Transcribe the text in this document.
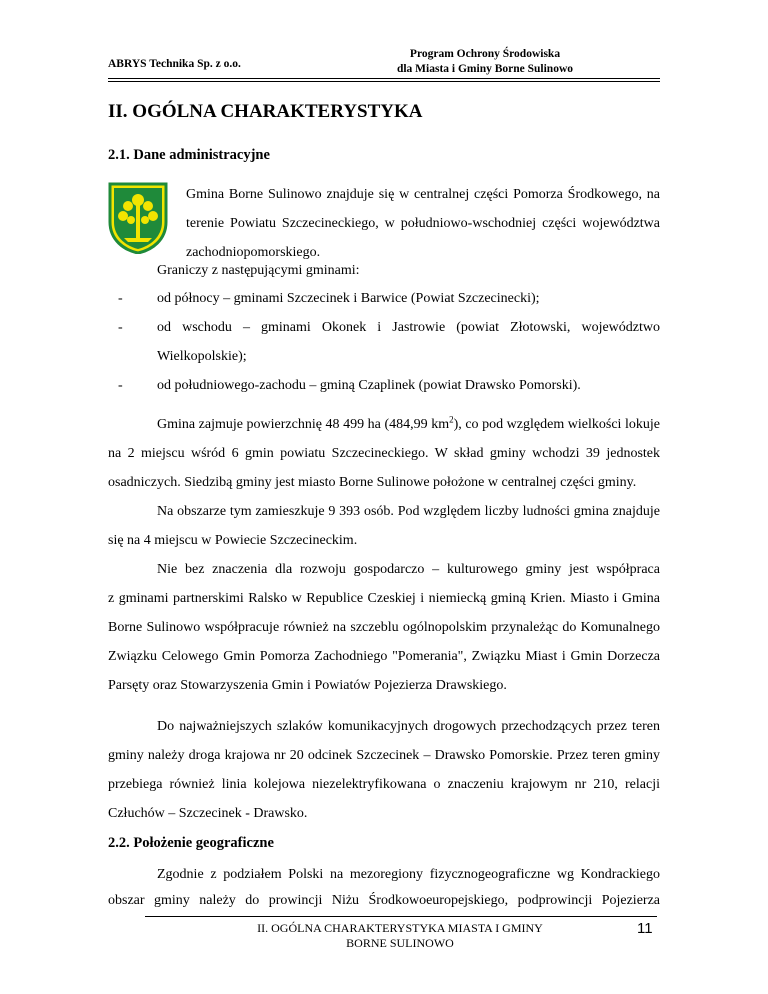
ABRYS Technika Sp. z o.o.
Program Ochrony Środowiska
dla Miasta i Gminy Borne Sulinowo
II. OGÓLNA CHARAKTERYSTYKA
2.1. Dane administracyjne
Gmina Borne Sulinowo znajduje się w centralnej części Pomorza Środkowego, na
terenie Powiatu Szczecineckiego, w południowo-wschodniej części województwa
zachodniopomorskiego.
Graniczy z następującymi gminami:
- od północy – gminami Szczecinek i Barwice (Powiat Szczecinecki);
- od wschodu – gminami Okonek i Jastrowie (powiat Złotowski, województwo
Wielkopolskie);
- od południowego-zachodu – gminą Czaplinek (powiat Drawsko Pomorski).
Gmina zajmuje powierzchnię 48 499 ha (484,99 $km^2$), co pod względem wielkości lokuje
na 2 miejscu wśród 6 gmin powiatu Szczecineckiego. W skład gminy wchodzi 39 jednostek
osadniczych. Siedzibą gminy jest miasto Borne Sulinowe położone w centralnej części gminy.
Na obszarze tym zamieszkuje 9 393 osób. Pod względem liczby ludności gmina znajduje
się na 4 miejscu w Powiecie Szczecineckim.
Nie bez znaczenia dla rozwoju gospodarczo – kulturowego gminy jest współpraca
z gminami partnerskimi Ralsko w Republice Czeskiej i niemiecką gminą Krien. Miasto i Gmina
Borne Sulinowo współpracuje również na szczeblu ogólnopolskim przynależąc do Komunalnego
Związku Celowego Gmin Pomorza Zachodniego "Pomerania", Związku Miast i Gmin Dorzecza
Parsęty oraz Stowarzyszenia Gmin i Powiatów Pojezierza Drawskiego.
Do najważniejszych szlaków komunikacyjnych drogowych przechodzących przez teren
gminy należy droga krajowa nr 20 odcinek Szczecinek – Drawsko Pomorskie. Przez teren gminy
przebiega również linia kolejowa niezelektryfikowana o znaczeniu krajowym nr 210, relacji
Człuchów – Szczecinek - Drawsko.
2.2. Położenie geograficzne
Zgodnie z podziałem Polski na mezoregiony fizycznogeograficzne wg Kondrackiego
obszar gminy należy do prowincji Niżu Środkowoeuropejskiego, podprowincji Pojezierza
II. OGÓLNA CHARAKTERYSTYKA MIASTA I GMINY
BORNE SULINOWO
11
